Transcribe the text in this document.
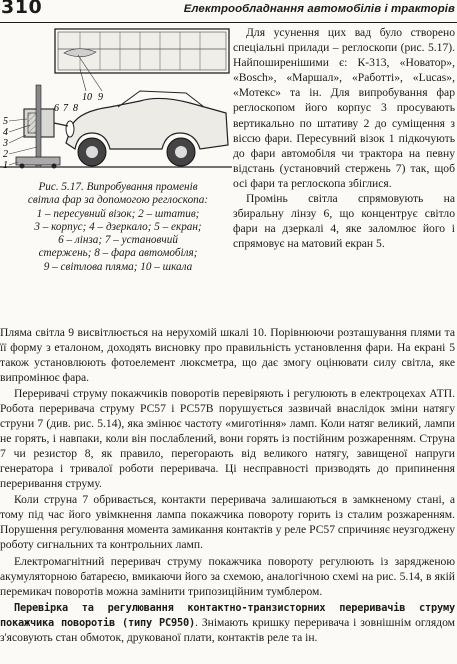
310	Електрообладнання автомобілів і тракторів
10 9
5
4
3
2
1
6 7 8
Рис. 5.17. Випробування променів
світла фар за допомогою реглоскопа:
1 – пересувний візок; 2 – штатив;
3 – корпус; 4 – дзеркало; 5 – екран;
6 – лінза; 7 – установчий
стержень; 8 – фара автомобіля;
9 – світлова пляма; 10 – шкала

Для усунення цих вад було створено спеціальні прилади – реглоскопи (рис. 5.17). Найпоширенішими є: К-313, «Новатор», «Bosch», «Маршал», «Работті», «Lucas», «Мотекс» та ін. Для випробування фар реглоскопом його корпус 3 просувають вертикально по штативу 2 до суміщення з віссю фари. Пересувний візок 1 підкочують до фари автомобіля чи трактора на певну відстань (установчий стержень 7) так, щоб осі фари та реглоскопа збіглися.

Промінь світла спрямовують на збиральну лінзу 6, що концентрує світло фари на дзеркалі 4, яке заломлює його і спрямовує на матовий екран 5.

Пляма світла 9 висвітлюється на нерухомій шкалі 10. Порівнюючи розташування плями та її форму з еталоном, доходять висновку про правильність установлення фари. На екрані 5 також установлюють фотоелемент люксметра, що дає змогу оцінювати силу світла, яке випромінює фара.

Переривачі струму покажчиків поворотів перевіряють і регулюють в електроцехах АТП. Робота переривача струму РС57 і РС57В порушується зазвичай внаслідок зміни натягу струни 7 (див. рис. 5.14), яка змінює частоту «миготіння» ламп. Коли натяг великий, лампи не горять, і навпаки, коли він послаблений, вони горять із постійним розжаренням. Струна 7 чи резистор 8, як правило, перегорають від великого натягу, завищеної напруги генератора і тривалої роботи переривача. Ці несправності призводять до припинення переривання струму.

Коли струна 7 обривається, контакти переривача залишаються в замкненому стані, а тому під час його увімкнення лампа покажчика повороту горить із сталим розжаренням. Порушення регулювання моментa замикання контактів у реле РС57 спричиняє неузгоджену роботу сигнальних та контрольних ламп.

Електромагнітний переривач струму покажчика повороту регулюють із зарядженою акумуляторною батареєю, вмикаючи його за схемою, аналогічною схемі на рис. 5.14, в якій перемикач поворотів можна замінити трипозиційним тумблером.

Перевірка та регулювання контактно-транзисторних переривачів струму покажчика поворотів (типу РС950). Знімають кришку переривача і зовнішнім оглядом з'ясовують стан обмоток, друкованої плати, контактів реле та ін.
